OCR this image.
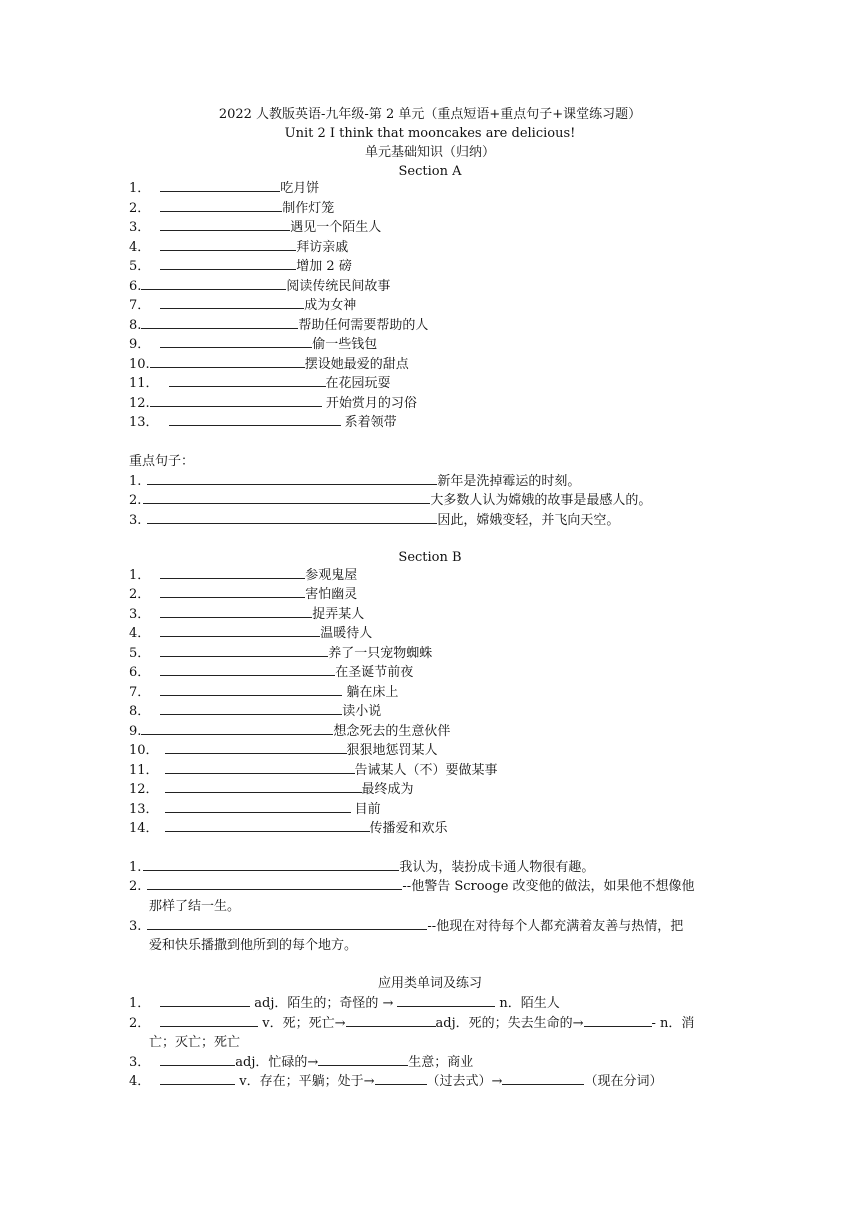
2022 人教版英语-九年级-第 2 单元（重点短语+重点句子+课堂练习题）
Unit 2 I think that mooncakes are delicious!
单元基础知识（归纳）
Section A
1．	吃月饼
2．	制作灯笼
3．	遇见一个陌生人
4．	拜访亲戚
5．	增加 2 磅
6.	阅读传统民间故事
7．	成为女神
8.	帮助任何需要帮助的人
9．	偷一些钱包
10.	摆设她最爱的甜点
11．	在花园玩耍
12.	开始赏月的习俗
13．	系着领带
重点句子：
1.	新年是洗掉霉运的时刻。
2.	大多数人认为嫦娥的故事是最感人的。
3.	因此，嫦娥变轻，并飞向天空。
Section B
1．	参观鬼屋
2．	害怕幽灵
3．	捉弄某人
4．	温暖待人
5．	养了一只宠物蜘蛛
6．	在圣诞节前夜
7．	躺在床上
8．	读小说
9.	想念死去的生意伙伴
10．	狠狠地惩罚某人
11．	告诫某人（不）要做某事
12．	最终成为
13．	目前
14．	传播爱和欢乐
1.	我认为，装扮成卡通人物很有趣。
2.	--他警告 Scrooge 改变他的做法，如果他不想像他
那样了结一生。
3.	--他现在对待每个人都充满着友善与热情，把
爱和快乐播撒到他所到的每个地方。
应用类单词及练习
1．	adj．陌生的；奇怪的 →	n．陌生人
2．	v．死；死亡→	adj．死的；失去生命的→	- n．消
亡；灭亡；死亡
3．	adj．忙碌的→	生意；商业
4．	v．存在；平躺；处于→	（过去式）→	（现在分词）
